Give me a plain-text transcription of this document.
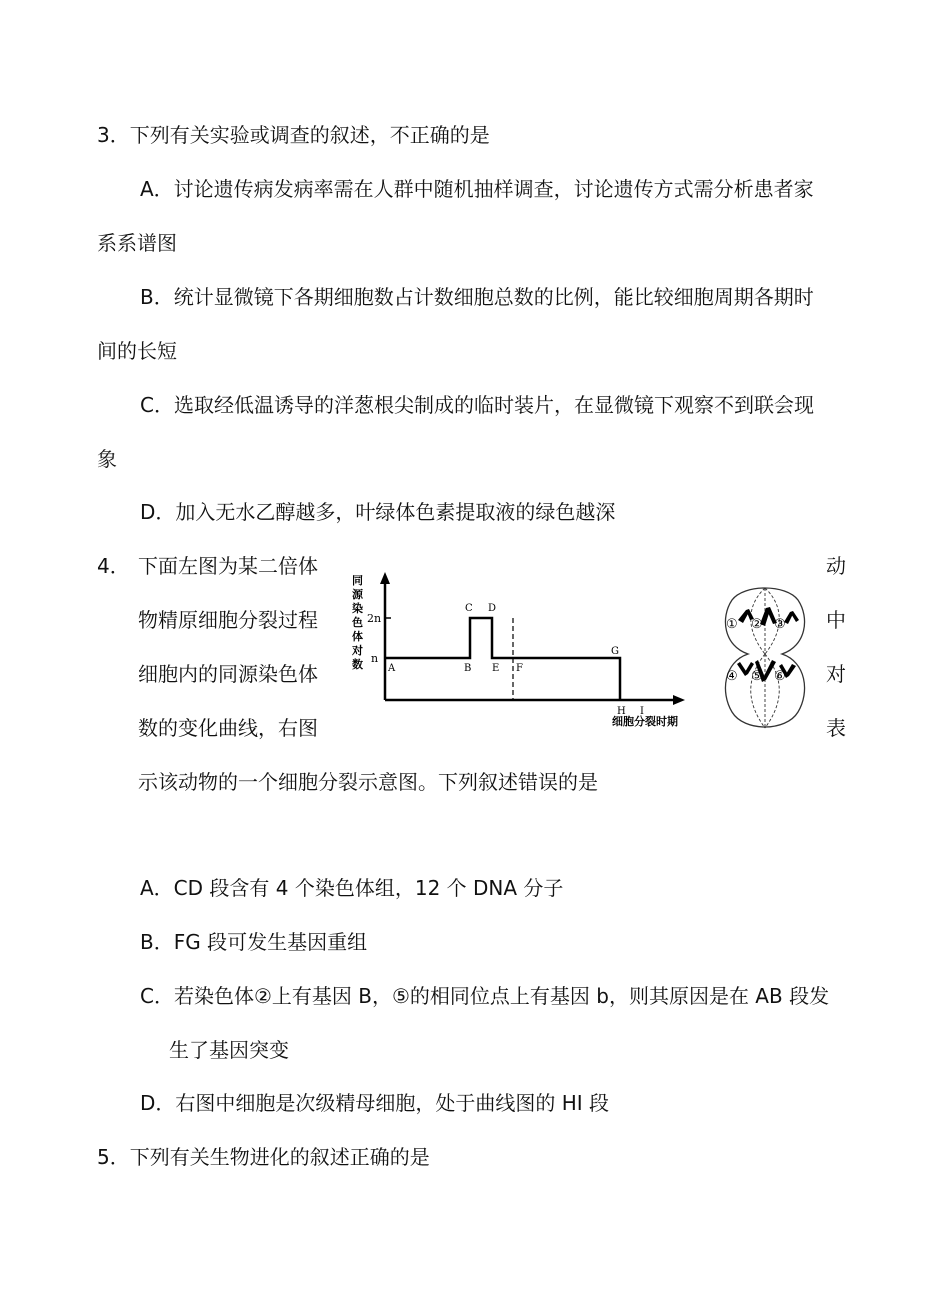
3．下列有关实验或调查的叙述，不正确的是
A．讨论遗传病发病率需在人群中随机抽样调查，讨论遗传方式需分析患者家
系系谱图
B．统计显微镜下各期细胞数占计数细胞总数的比例，能比较细胞周期各期时
间的长短
C．选取经低温诱导的洋葱根尖制成的临时装片，在显微镜下观察不到联会现
象
D．加入无水乙醇越多，叶绿体色素提取液的绿色越深
4． 下面左图为某二倍体	动
物精原细胞分裂过程	中
细胞内的同源染色体	对
数的变化曲线，右图	表
示该动物的一个细胞分裂示意图。下列叙述错误的是
同
源
染
色
体
对
数
2n
n
A	B
C D
E F
G
H I
细胞分裂时期
① ② ③
④ ⑤ ⑥
A．CD 段含有 4 个染色体组，12 个 DNA 分子
B．FG 段可发生基因重组
C．若染色体②上有基因 B，⑤的相同位点上有基因 b，则其原因是在 AB 段发
生了基因突变
D．右图中细胞是次级精母细胞，处于曲线图的 HI 段
5．下列有关生物进化的叙述正确的是
